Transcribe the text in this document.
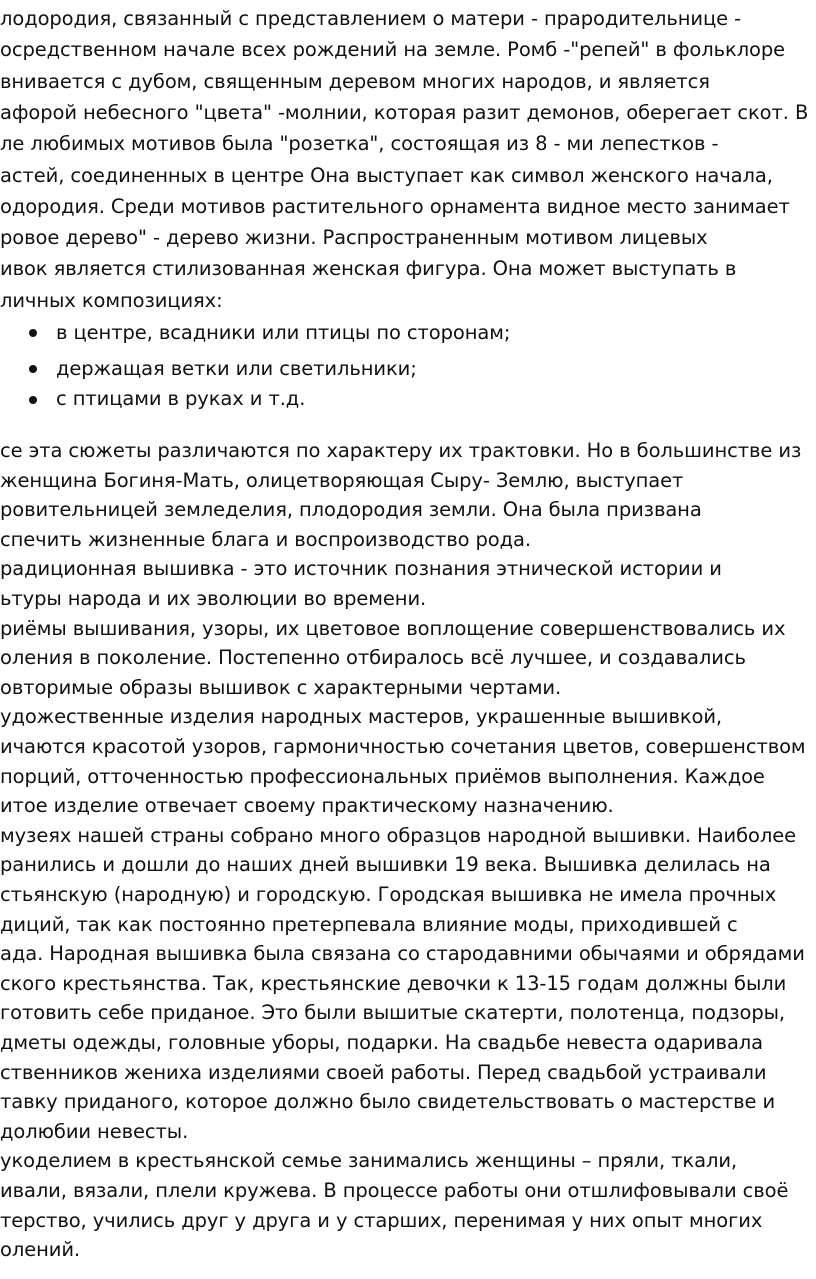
лодородия, связанный с представлением о матери - прародительнице -
осредственном начале всех рождений на земле. Ромб -"репей" в фольклоре
внивается с дубом, священным деревом многих народов, и является
афорой небесного "цвета" -молнии, которая разит демонов, оберегает скот. В
ле любимых мотивов была "розетка", состоящая из 8 - ми лепестков -
астей, соединенных в центре Она выступает как символ женского начала,
одородия. Среди мотивов растительного орнамента видное место занимает
ровое дерево" - дерево жизни. Распространенным мотивом лицевых
ивок является стилизованная женская фигура. Она может выступать в
личных композициях:
в центре, всадники или птицы по сторонам;
держащая ветки или светильники;
с птицами в руках и т.д.
се эта сюжеты различаются по характеру их трактовки. Но в большинстве из
женщина Богиня-Мать, олицетворяющая Сыру- Землю, выступает
ровительницей земледелия, плодородия земли. Она была призвана
спечить жизненные блага и воспроизводство рода.
радиционная вышивка - это источник познания этнической истории и
ьтуры народа и их эволюции во времени.
риёмы вышивания, узоры, их цветовое воплощение совершенствовались их
оления в поколение. Постепенно отбиралось всё лучшее, и создавались
овторимые образы вышивок с характерными чертами.
удожественные изделия народных мастеров, украшенные вышивкой,
ичаются красотой узоров, гармоничностью сочетания цветов, совершенством
порций, отточенностью профессиональных приёмов выполнения. Каждое
итое изделие отвечает своему практическому назначению.
музеях нашей страны собрано много образцов народной вышивки. Наиболее
ранились и дошли до наших дней вышивки 19 века. Вышивка делилась на
стьянскую (народную) и городскую. Городская вышивка не имела прочных
диций, так как постоянно претерпевала влияние моды, приходившей с
ада. Народная вышивка была связана со стародавними обычаями и обрядами
ского крестьянства. Так, крестьянские девочки к 13-15 годам должны были
готовить себе приданое. Это были вышитые скатерти, полотенца, подзоры,
дметы одежды, головные уборы, подарки. На свадьбе невеста одаривала
ственников жениха изделиями своей работы. Перед свадьбой устраивали
тавку приданого, которое должно было свидетельствовать о мастерстве и
долюбии невесты.
укоделием в крестьянской семье занимались женщины – пряли, ткали,
ивали, вязали, плели кружева. В процессе работы они отшлифовывали своё
терство, учились друг у друга и у старших, перенимая у них опыт многих
олений.
